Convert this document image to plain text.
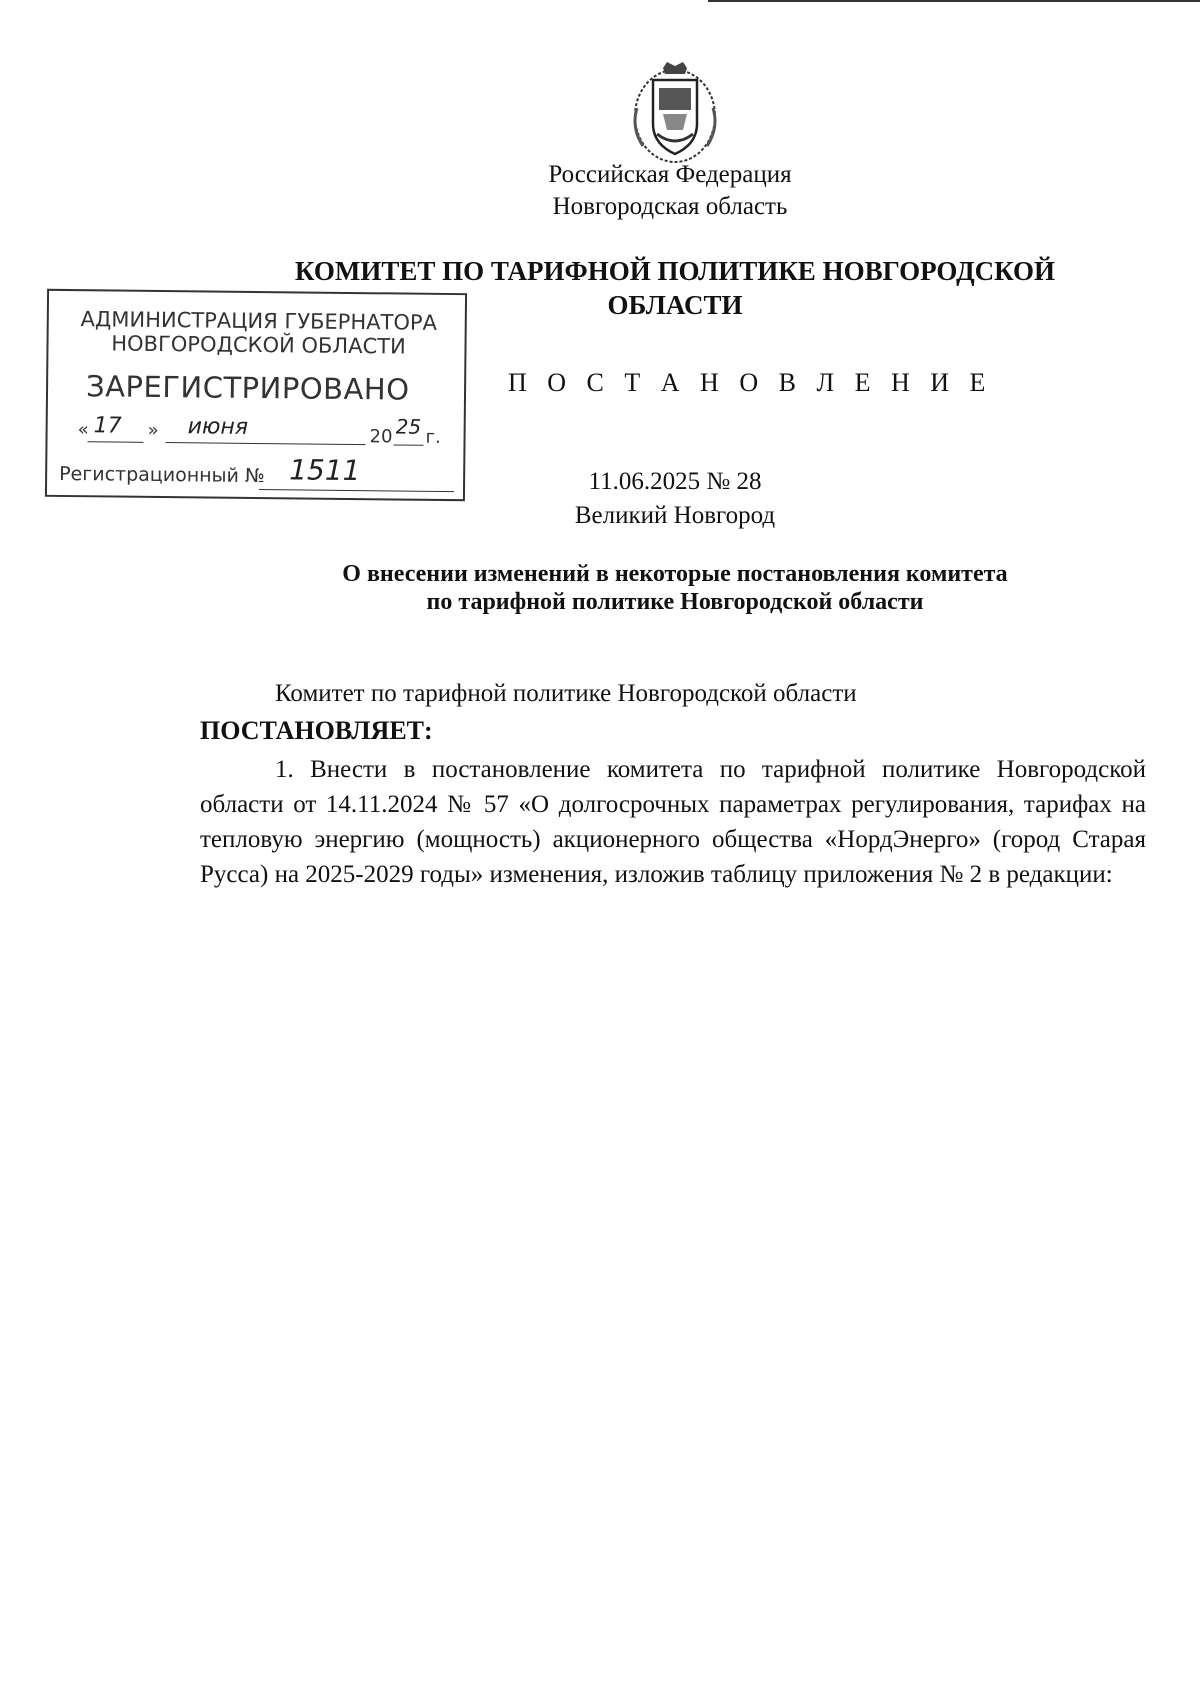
Российская Федерация
Новгородская область
КОМИТЕТ ПО ТАРИФНОЙ ПОЛИТИКЕ НОВГОРОДСКОЙ ОБЛАСТИ
АДМИНИСТРАЦИЯ ГУБЕРНАТОРА
НОВГОРОДСКОЙ ОБЛАСТИ
ЗАРЕГИСТРИРОВАНО
« 17 » июня	20 25 г.
Регистрационный № 1511
П О С Т А Н О В Л Е Н И Е
11.06.2025 № 28
Великий Новгород
О внесении изменений в некоторые постановления комитета
по тарифной политике Новгородской области
Комитет по тарифной политике Новгородской области
ПОСТАНОВЛЯЕТ:
1. Внести в постановление комитета по тарифной политике Новгородской области от 14.11.2024 № 57 «О долгосрочных параметрах регулирования, тарифах на тепловую энергию (мощность) акционерного общества «НордЭнерго» (город Старая Русса) на 2025-2029 годы» изменения, изложив таблицу приложения № 2 в редакции:
